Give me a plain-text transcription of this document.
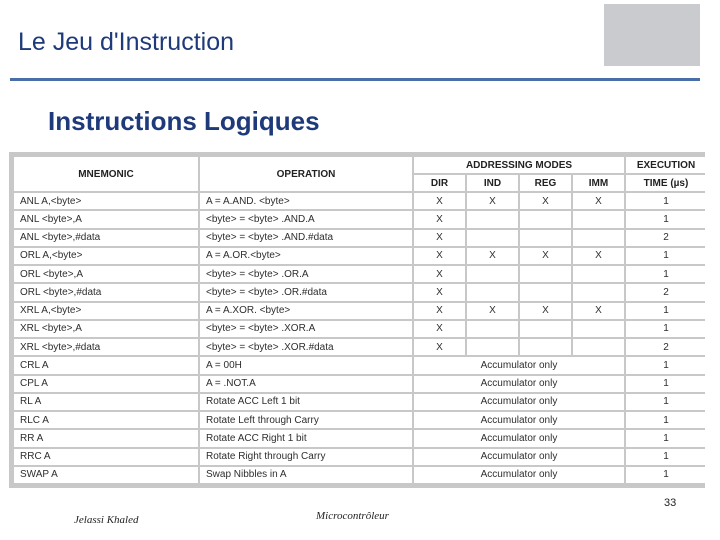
Le Jeu d'Instruction
Instructions Logiques
MNEMONIC	OPERATION	ADDRESSING MODES				EXECUTION
		DIR	IND	REG	IMM	TIME (µs)
ANL A,<byte>	A = A.AND. <byte>	X	X	X	X	1
ANL <byte>,A	<byte> = <byte> .AND.A	X				1
ANL <byte>,#data	<byte> = <byte> .AND.#data	X				2
ORL A,<byte>	A = A.OR.<byte>	X	X	X	X	1
ORL <byte>,A	<byte> = <byte> .OR.A	X				1
ORL <byte>,#data	<byte> = <byte> .OR.#data	X				2
XRL A,<byte>	A = A.XOR. <byte>	X	X	X	X	1
XRL <byte>,A	<byte> = <byte> .XOR.A	X				1
XRL <byte>,#data	<byte> = <byte> .XOR.#data	X				2
CRL A	A = 00H	Accumulator only				1
CPL A	A = .NOT.A	Accumulator only				1
RL A	Rotate ACC Left 1 bit	Accumulator only				1
RLC A	Rotate Left through Carry	Accumulator only				1
RR A	Rotate ACC Right 1 bit	Accumulator only				1
RRC A	Rotate Right through Carry	Accumulator only				1
SWAP A	Swap Nibbles in A	Accumulator only				1
33
Jelassi Khaled	Microcontrôleur
